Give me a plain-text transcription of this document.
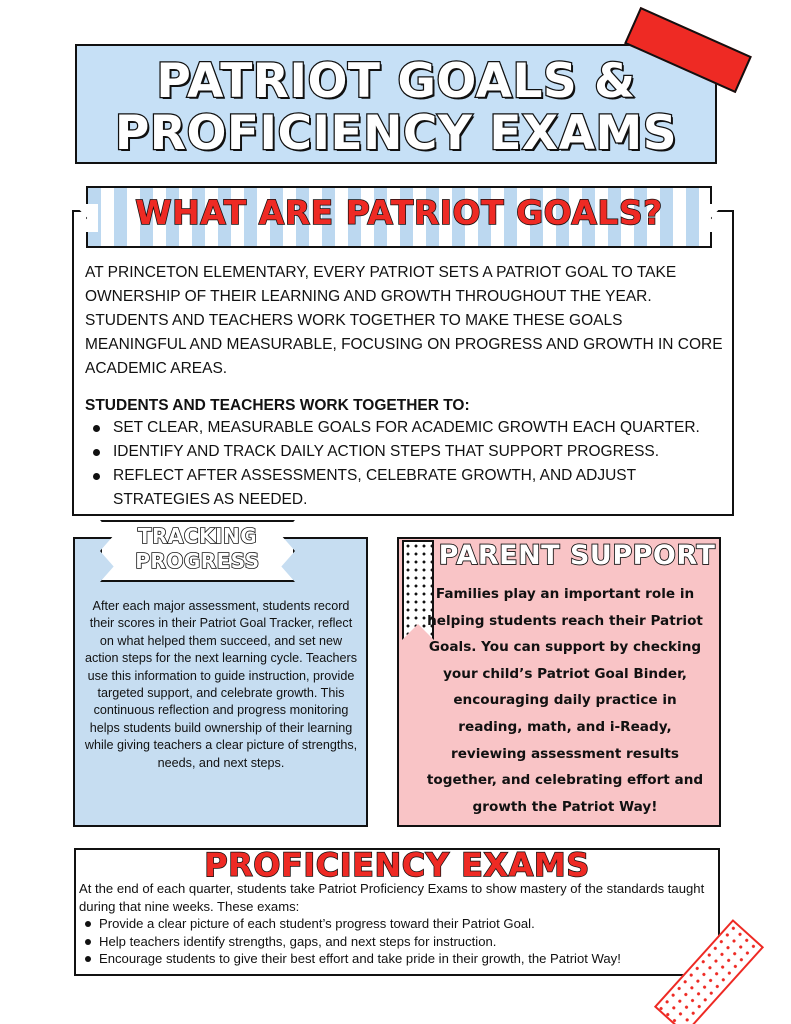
PATRIOT GOALS &
PROFICIENCY EXAMS
WHAT ARE PATRIOT GOALS?

AT PRINCETON ELEMENTARY, EVERY PATRIOT SETS A PATRIOT GOAL TO TAKE OWNERSHIP OF THEIR LEARNING AND GROWTH THROUGHOUT THE YEAR. STUDENTS AND TEACHERS WORK TOGETHER TO MAKE THESE GOALS MEANINGFUL AND MEASURABLE, FOCUSING ON PROGRESS AND GROWTH IN CORE ACADEMIC AREAS.

STUDENTS AND TEACHERS WORK TOGETHER TO:
SET CLEAR, MEASURABLE GOALS FOR ACADEMIC GROWTH EACH QUARTER.
IDENTIFY AND TRACK DAILY ACTION STEPS THAT SUPPORT PROGRESS.
REFLECT AFTER ASSESSMENTS, CELEBRATE GROWTH, AND ADJUST STRATEGIES AS NEEDED.
TRACKING
PROGRESS

After each major assessment, students record their scores in their Patriot Goal Tracker, reflect on what helped them succeed, and set new action steps for the next learning cycle. Teachers use this information to guide instruction, provide targeted support, and celebrate growth. This continuous reflection and progress monitoring helps students build ownership of their learning while giving teachers a clear picture of strengths, needs, and next steps.

PARENT SUPPORT

Families play an important role in helping students reach their Patriot Goals. You can support by checking your child’s Patriot Goal Binder, encouraging daily practice in reading, math, and i-Ready, reviewing assessment results together, and celebrating effort and growth the Patriot Way!

PROFICIENCY EXAMS

At the end of each quarter, students take Patriot Proficiency Exams to show mastery of the standards taught during that nine weeks. These exams:

Provide a clear picture of each student’s progress toward their Patriot Goal.
Help teachers identify strengths, gaps, and next steps for instruction.
Encourage students to give their best effort and take pride in their growth, the Patriot Way!
